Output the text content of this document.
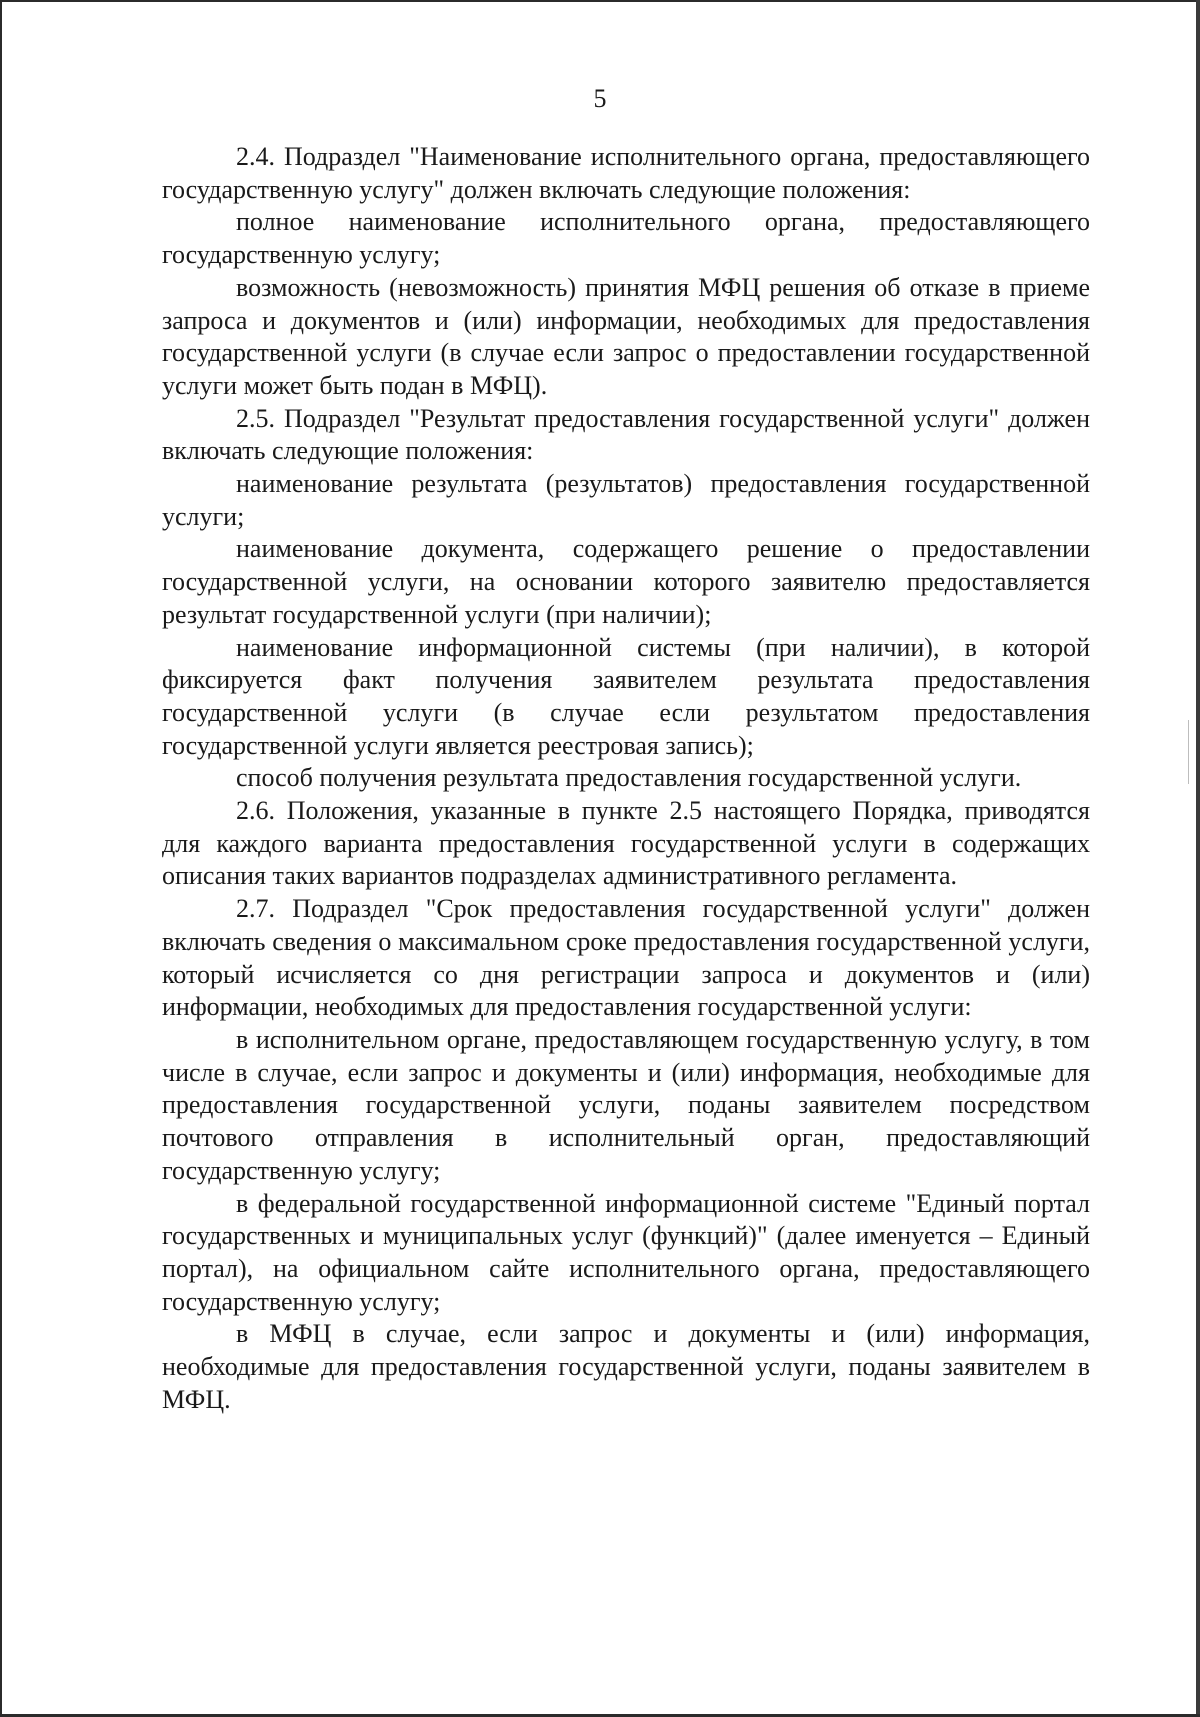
5

2.4. Подраздел "Наименование исполнительного органа, предоставляющего государственную услугу" должен включать следующие положения:

полное наименование исполнительного органа, предоставляющего государственную услугу;

возможность (невозможность) принятия МФЦ решения об отказе в приеме запроса и документов и (или) информации, необходимых для предоставления государственной услуги (в случае если запрос о предоставлении государственной услуги может быть подан в МФЦ).

2.5. Подраздел "Результат предоставления государственной услуги" должен включать следующие положения:

наименование результата (результатов) предоставления государственной услуги;

наименование документа, содержащего решение о предоставлении государственной услуги, на основании которого заявителю предоставляется результат государственной услуги (при наличии);

наименование информационной системы (при наличии), в которой фиксируется факт получения заявителем результата предоставления государственной услуги (в случае если результатом предоставления государственной услуги является реестровая запись);

способ получения результата предоставления государственной услуги.

2.6. Положения, указанные в пункте 2.5 настоящего Порядка, приводятся для каждого варианта предоставления государственной услуги в содержащих описания таких вариантов подразделах административного регламента.

2.7. Подраздел "Срок предоставления государственной услуги" должен включать сведения о максимальном сроке предоставления государственной услуги, который исчисляется со дня регистрации запроса и документов и (или) информации, необходимых для предоставления государственной услуги:

в исполнительном органе, предоставляющем государственную услугу, в том числе в случае, если запрос и документы и (или) информация, необходимые для предоставления государственной услуги, поданы заявителем посредством почтового отправления в исполнительный орган, предоставляющий государственную услугу;

в федеральной государственной информационной системе "Единый портал государственных и муниципальных услуг (функций)" (далее именуется – Единый портал), на официальном сайте исполнительного органа, предоставляющего государственную услугу;

в МФЦ в случае, если запрос и документы и (или) информация, необходимые для предоставления государственной услуги, поданы заявителем в МФЦ.
